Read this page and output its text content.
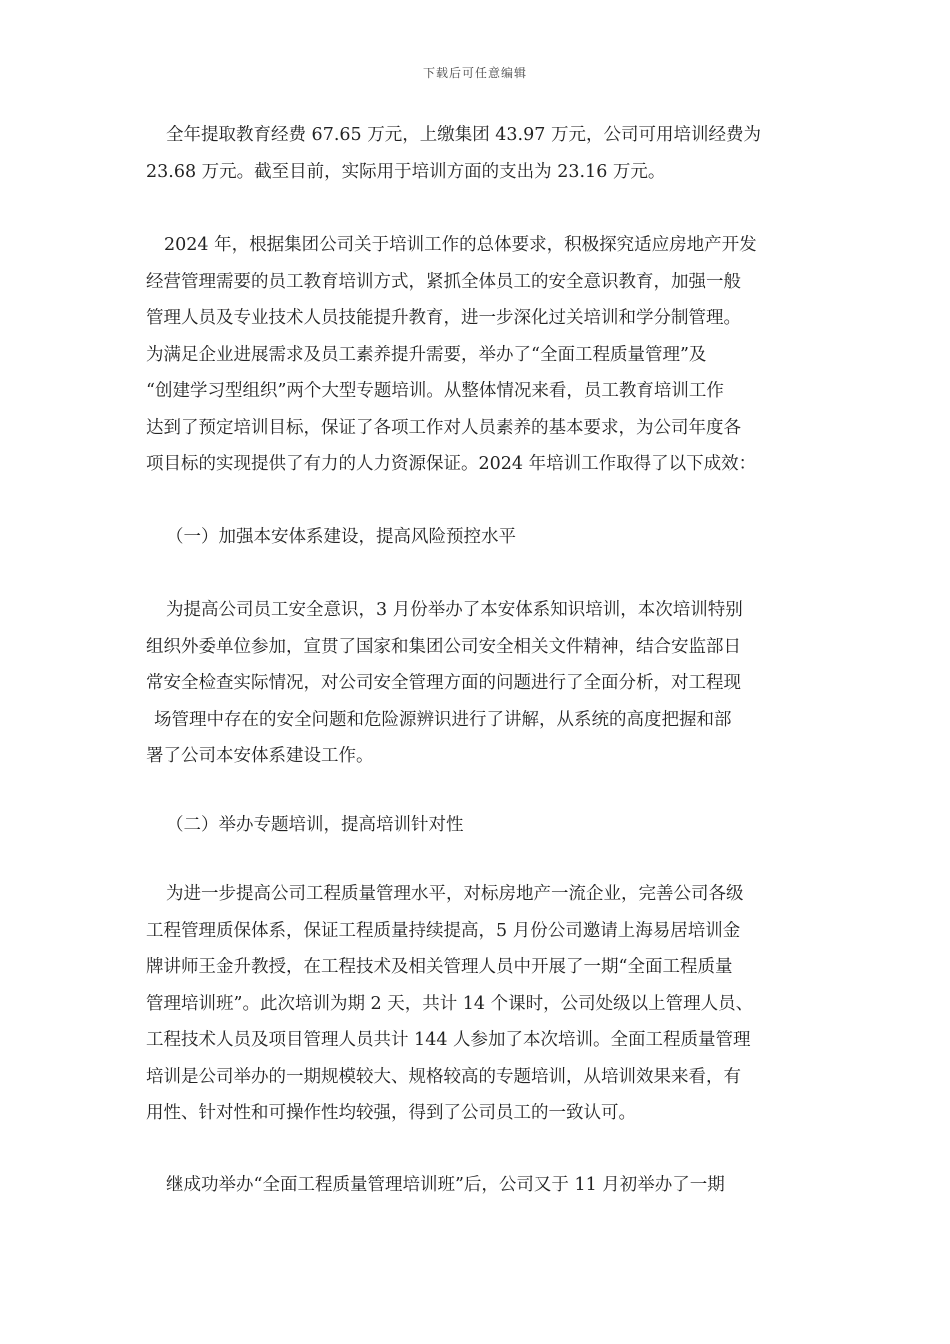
下载后可任意编辑
全年提取教育经费 67.65 万元，上缴集团 43.97 万元，公司可用培训经费为
23.68 万元。截至目前，实际用于培训方面的支出为 23.16 万元。
2024 年，根据集团公司关于培训工作的总体要求，积极探究适应房地产开发
经营管理需要的员工教育培训方式，紧抓全体员工的安全意识教育，加强一般
管理人员及专业技术人员技能提升教育，进一步深化过关培训和学分制管理。
为满足企业进展需求及员工素养提升需要，举办了“全面工程质量管理”及
“创建学习型组织”两个大型专题培训。从整体情况来看，员工教育培训工作
达到了预定培训目标，保证了各项工作对人员素养的基本要求，为公司年度各
项目标的实现提供了有力的人力资源保证。2024 年培训工作取得了以下成效：
（一）加强本安体系建设，提高风险预控水平
为提高公司员工安全意识，3 月份举办了本安体系知识培训，本次培训特别
组织外委单位参加，宣贯了国家和集团公司安全相关文件精神，结合安监部日
常安全检查实际情况，对公司安全管理方面的问题进行了全面分析，对工程现
场管理中存在的安全问题和危险源辨识进行了讲解，从系统的高度把握和部
署了公司本安体系建设工作。
（二）举办专题培训，提高培训针对性
为进一步提高公司工程质量管理水平，对标房地产一流企业，完善公司各级
工程管理质保体系，保证工程质量持续提高，5 月份公司邀请上海易居培训金
牌讲师王金升教授，在工程技术及相关管理人员中开展了一期“全面工程质量
管理培训班”。此次培训为期 2 天，共计 14 个课时，公司处级以上管理人员、
工程技术人员及项目管理人员共计 144 人参加了本次培训。全面工程质量管理
培训是公司举办的一期规模较大、规格较高的专题培训，从培训效果来看，有
用性、针对性和可操作性均较强，得到了公司员工的一致认可。
继成功举办“全面工程质量管理培训班”后，公司又于 11 月初举办了一期
